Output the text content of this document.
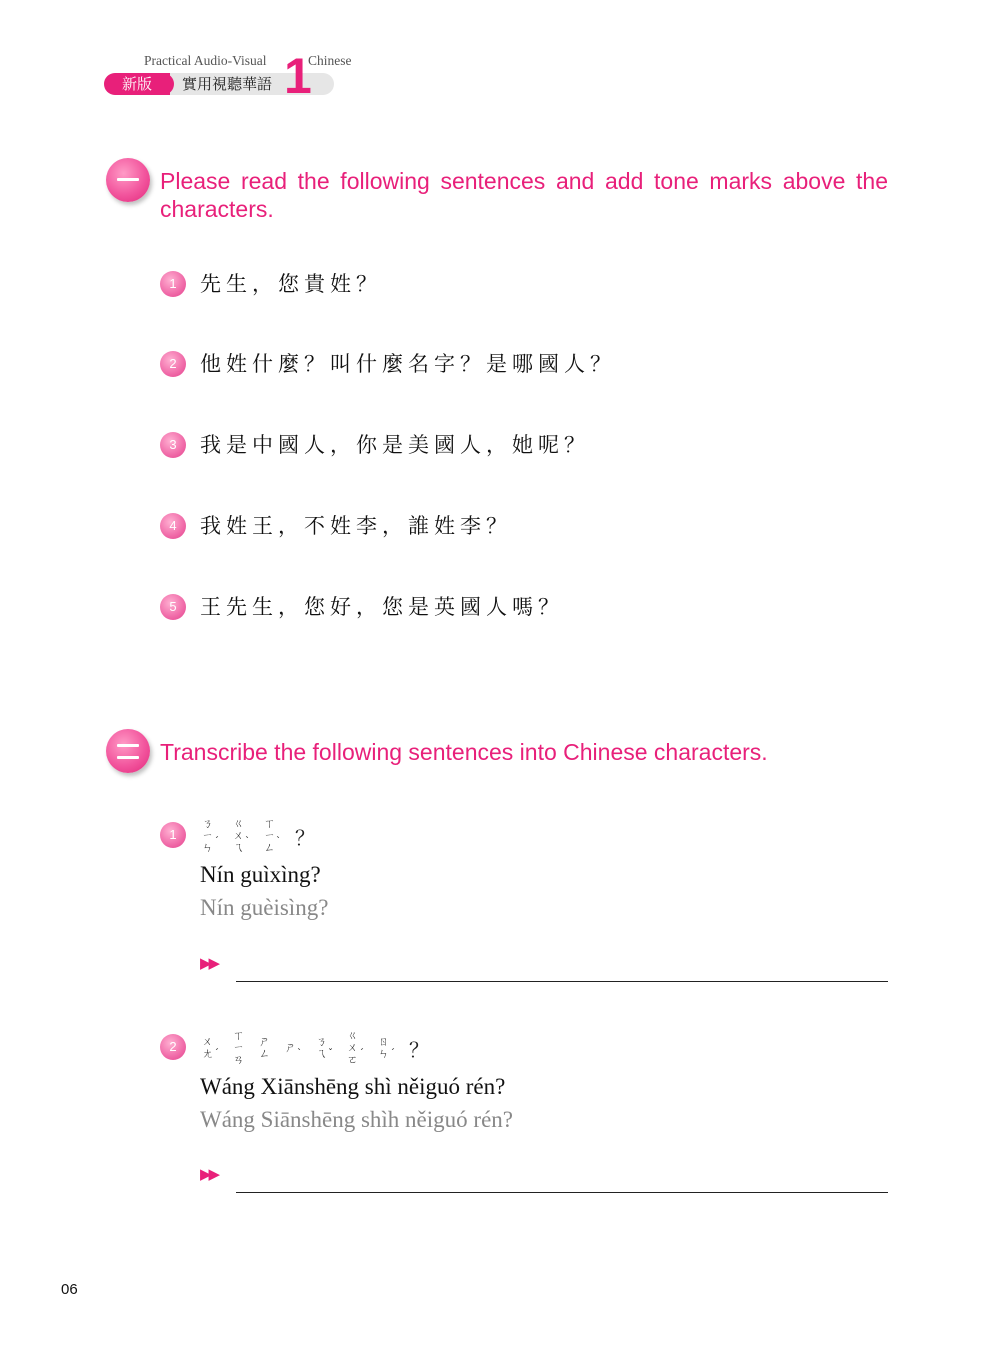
Practical Audio-Visual	Chinese
新版	實用視聽華語 1
Please read the following sentences and add tone marks above the characters.
1	先生，您貴姓？
2	他姓什麼？叫什麼名字？是哪國人？
3	我是中國人，你是美國人，她呢？
4	我姓王，不姓李，誰姓李？
5	王先生，您好，您是英國人嗎？
Transcribe the following sentences into Chinese characters.
1
ㄋ
ㄧ
ㄣ ˊ
ㄍ
ㄨ
ㄟ ˋ
ㄒ
ㄧ
ㄥ ˋ ？
Nín guìxìng?
Nín guèisìng?
▶▶
2	ㄨ
ㄤ ˊ
ㄒ
ㄧ
ㄢ
ㄕ
ㄥ ㄕ ˋ
ㄋ
ㄟ ˇ
ㄍ
ㄨ
ㄛ ˊ
ㄖ
ㄣ ˊ ？
Wáng Xiānshēng shì něiguó rén?
Wáng Siānshēng shìh něiguó rén?
▶▶
06
